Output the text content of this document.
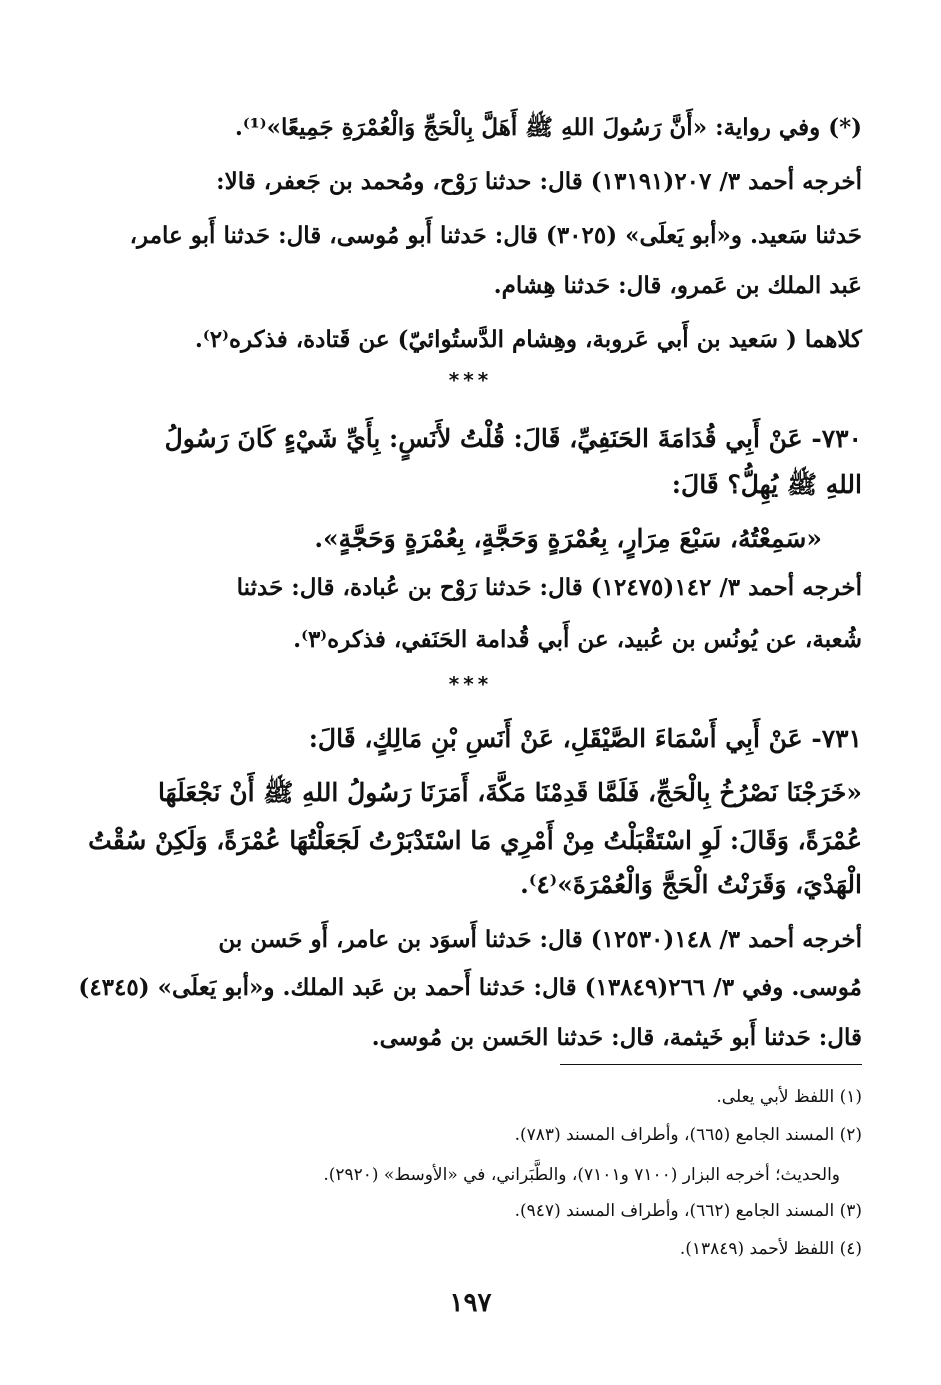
(*) وفي رواية: «أَنَّ رَسُولَ اللهِ ﷺ أَهَلَّ بِالْحَجِّ وَالْعُمْرَةِ جَمِيعًا»⁽¹⁾.

أخرجه أحمد ٣/ ٢٠٧(١٣١٩١) قال: حدثنا رَوْح، ومُحمد بن جَعفر، قالا:

حَدثنا سَعيد. و«أبو يَعلَى» (٣٠٢٥) قال: حَدثنا أَبو مُوسى، قال: حَدثنا أَبو عامر،

عَبد الملك بن عَمرو، قال: حَدثنا هِشام.

كلاهما ( سَعيد بن أَبي عَروبة، وهِشام الدَّستُوائيّ) عن قَتادة، فذكره⁽٢⁾.

***

٧٣٠- عَنْ أَبِي قُدَامَةَ الحَنَفِيِّ، قَالَ: قُلْتُ لأَنَسٍ: بِأَيِّ شَيْءٍ كَانَ رَسُولُ

اللهِ ﷺ يُهِلُّ؟ قَالَ:

«سَمِعْتُهُ، سَبْعَ مِرَارٍ، بِعُمْرَةٍ وَحَجَّةٍ، بِعُمْرَةٍ وَحَجَّةٍ».

أخرجه أحمد ٣/ ١٤٢(١٢٤٧٥) قال: حَدثنا رَوْح بن عُبادة، قال: حَدثنا

شُعبة، عن يُونُس بن عُبيد، عن أَبي قُدامة الحَنَفي، فذكره⁽٣⁾.

***

٧٣١- عَنْ أَبِي أَسْمَاءَ الصَّيْقَلِ، عَنْ أَنَسِ بْنِ مَالِكٍ، قَالَ:

«خَرَجْنَا نَصْرُخُ بِالْحَجِّ، فَلَمَّا قَدِمْنَا مَكَّةَ، أَمَرَنَا رَسُولُ اللهِ ﷺ أَنْ نَجْعَلَهَا

عُمْرَةً، وَقَالَ: لَوِ اسْتَقْبَلْتُ مِنْ أَمْرِي مَا اسْتَدْبَرْتُ لَجَعَلْتُهَا عُمْرَةً، وَلَكِنْ سُقْتُ

الْهَدْيَ، وَقَرَنْتُ الْحَجَّ وَالْعُمْرَةَ»⁽٤⁾.

أخرجه أحمد ٣/ ١٤٨(١٢٥٣٠) قال: حَدثنا أَسوَد بن عامر، أَو حَسن بن

مُوسى. وفي ٣/ ٢٦٦(١٣٨٤٩) قال: حَدثنا أَحمد بن عَبد الملك. و«أبو يَعلَى» (٤٣٤٥)

قال: حَدثنا أَبو خَيثمة، قال: حَدثنا الحَسن بن مُوسى.

(١) اللفظ لأبي يعلى.

(٢) المسند الجامع (٦٦٥)، وأطراف المسند (٧٨٣).

والحديث؛ أخرجه البزار (٧١٠٠ و٧١٠١)، والطَّبَراني، في «الأوسط» (٢٩٢٠).

(٣) المسند الجامع (٦٦٢)، وأطراف المسند (٩٤٧).

(٤) اللفظ لأحمد (١٣٨٤٩).

١٩٧
